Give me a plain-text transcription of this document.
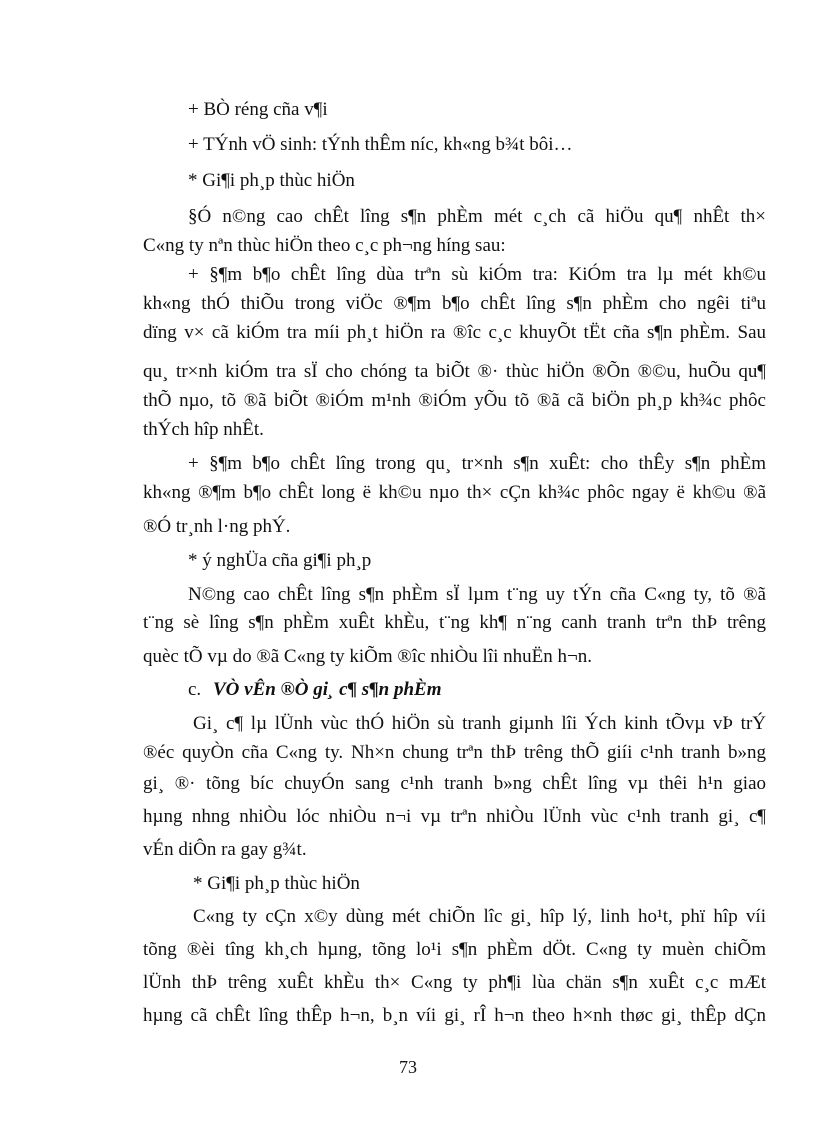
+ BÒ réng cña v¶i
+ TÝnh vÖ sinh: tÝnh thÊm níc, kh«ng b¾t bôi…
* Gi¶i ph¸p thùc hiÖn
§Ó n©ng cao chÊt lîng s¶n phÈm mét c¸ch cã hiÖu qu¶ nhÊt th×
C«ng ty nªn thùc hiÖn theo c¸c ph¬ng híng sau:
+ §¶m b¶o chÊt lîng dùa trªn sù kiÓm tra: KiÓm tra lµ mét kh©u
kh«ng thÓ thiÕu trong viÖc ®¶m b¶o chÊt lîng s¶n phÈm cho ngêi tiªu
dïng v× cã kiÓm tra míi ph¸t hiÖn ra ®îc c¸c khuyÕt tËt cña s¶n phÈm. Sau
qu¸ tr×nh kiÓm tra sÏ cho chóng ta biÕt ®· thùc hiÖn ®Õn ®©u, huÕu qu¶
thÕ nµo, tõ ®ã biÕt ®iÓm m¹nh ®iÓm yÕu tõ ®ã cã biÖn ph¸p kh¾c phôc
thÝch hîp nhÊt.
+ §¶m b¶o chÊt lîng trong qu¸ tr×nh s¶n xuÊt: cho thÊy s¶n phÈm
kh«ng ®¶m b¶o chÊt long ë kh©u nµo th× cÇn kh¾c phôc ngay ë kh©u ®ã
®Ó tr¸nh l·ng phÝ.
* ý nghÜa cña gi¶i ph¸p
N©ng cao chÊt lîng s¶n phÈm sÏ lµm t¨ng uy tÝn cña C«ng ty, tõ ®ã
t¨ng sè lîng s¶n phÈm xuÊt khÈu, t¨ng kh¶ n¨ng canh tranh trªn thÞ trêng
quèc tÕ vµ do ®ã C«ng ty kiÕm ®îc nhiÒu lîi nhuËn h¬n.
c. VÒ vÊn ®Ò gi¸ c¶ s¶n phÈm
Gi¸ c¶ lµ lÜnh vùc thÓ hiÖn sù tranh giµnh lîi Ých kinh tÕvµ vÞ trÝ
®éc quyÒn cña C«ng ty. Nh×n chung trªn thÞ trêng thÕ giíi c¹nh tranh b»ng
gi¸ ®· tõng bíc chuyÓn sang c¹nh tranh b»ng chÊt lîng vµ thêi h¹n giao
hµng nhng nhiÒu lóc nhiÒu n¬i vµ trªn nhiÒu lÜnh vùc c¹nh tranh gi¸ c¶
vÉn diÔn ra gay g¾t.
* Gi¶i ph¸p thùc hiÖn
C«ng ty cÇn x©y dùng mét chiÕn lîc gi¸ hîp lý, linh ho¹t, phï hîp víi
tõng ®èi tîng kh¸ch hµng, tõng lo¹i s¶n phÈm dÖt. C«ng ty muèn chiÕm
lÜnh thÞ trêng xuÊt khÈu th× C«ng ty ph¶i lùa chän s¶n xuÊt c¸c mÆt
hµng cã chÊt lîng thÊp h¬n, b¸n víi gi¸ rÎ h¬n theo h×nh thøc gi¸ thÊp dÇn
73
